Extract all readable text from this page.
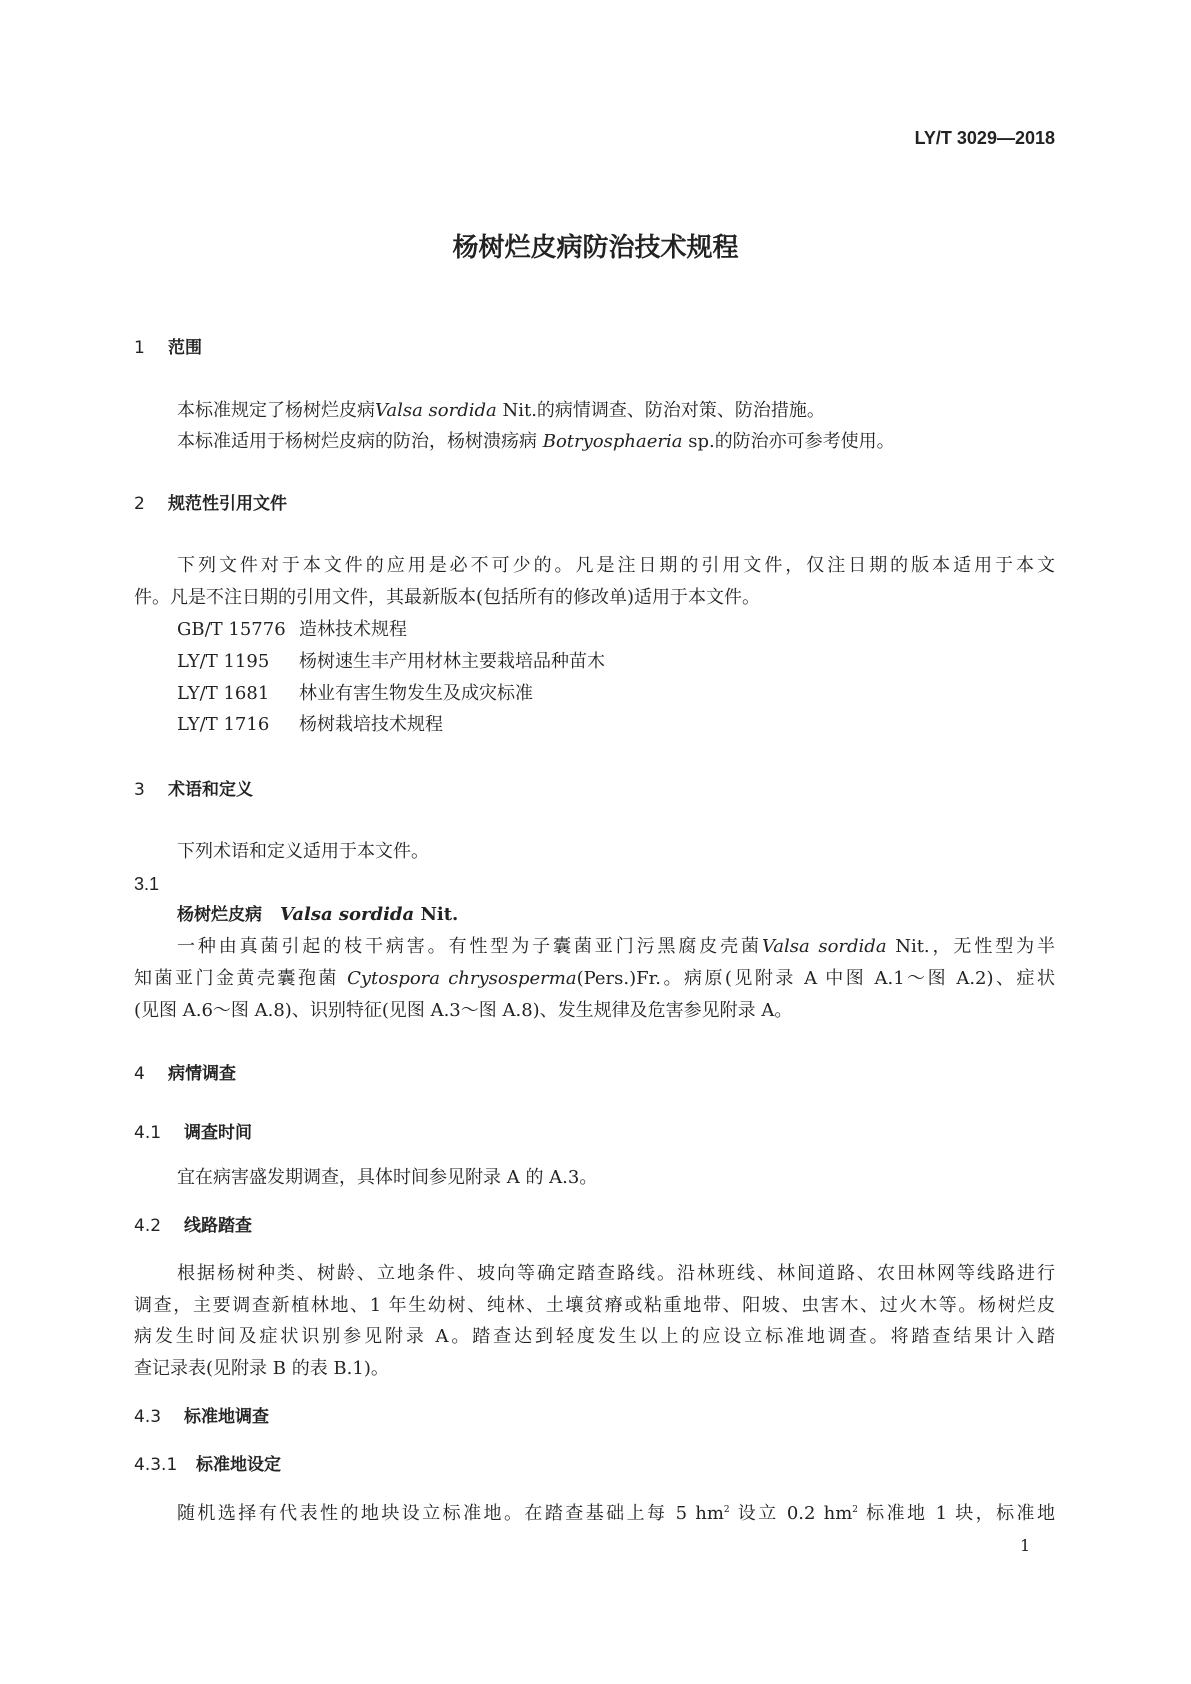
LY/T 3029—2018
杨树烂皮病防治技术规程
1 范围
本标准规定了杨树烂皮病Valsa sordida Nit.的病情调查、防治对策、防治措施。
本标准适用于杨树烂皮病的防治，杨树溃疡病 Botryosphaeria sp.的防治亦可参考使用。
2 规范性引用文件
下列文件对于本文件的应用是必不可少的。凡是注日期的引用文件，仅注日期的版本适用于本文
件。凡是不注日期的引用文件，其最新版本(包括所有的修改单)适用于本文件。
GB/T 15776 造林技术规程
LY/T 1195 杨树速生丰产用材林主要栽培品种苗木
LY/T 1681 林业有害生物发生及成灾标准
LY/T 1716 杨树栽培技术规程
3 术语和定义
下列术语和定义适用于本文件。
3.1
杨树烂皮病  Valsa sordida Nit.
一种由真菌引起的枝干病害。有性型为子囊菌亚门污黑腐皮壳菌Valsa sordida Nit.，无性型为半
知菌亚门金黄壳囊孢菌 Cytospora chrysosperma(Pers.)Fr.。病原(见附录 A 中图 A.1～图 A.2)、症状
(见图 A.6～图 A.8)、识别特征(见图 A.3～图 A.8)、发生规律及危害参见附录 A。
4 病情调查
4.1 调查时间
宜在病害盛发期调查，具体时间参见附录 A 的 A.3。
4.2 线路踏查
根据杨树种类、树龄、立地条件、坡向等确定踏查路线。沿林班线、林间道路、农田林网等线路进行
调查，主要调查新植林地、1 年生幼树、纯林、土壤贫瘠或粘重地带、阳坡、虫害木、过火木等。杨树烂皮
病发生时间及症状识别参见附录 A。踏查达到轻度发生以上的应设立标准地调查。将踏查结果计入踏
查记录表(见附录 B 的表 B.1)。
4.3 标准地调查
4.3.1 标准地设定
随机选择有代表性的地块设立标准地。在踏查基础上每 5 $hm^2$ 设立 0.2 $hm^2$ 标准地 1 块，标准地
1
